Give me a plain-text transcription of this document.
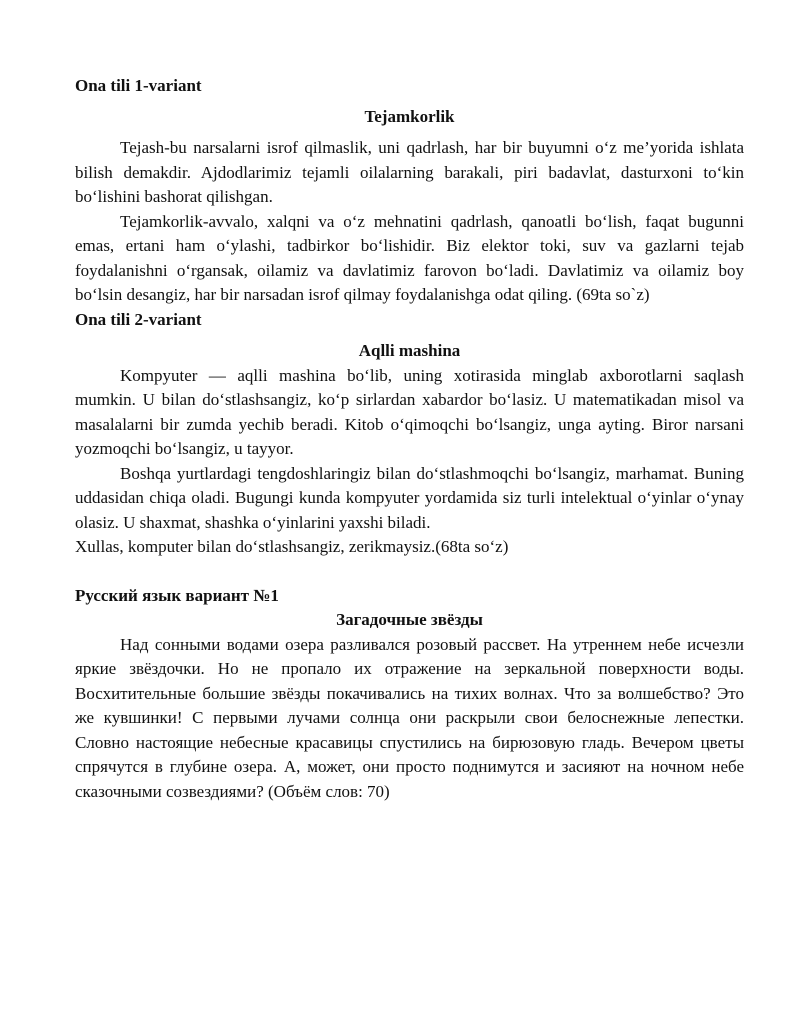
Ona tili 1-variant

Tejamkorlik

Tejash-bu narsalarni isrof qilmaslik, uni qadrlash, har bir buyumni o‘z me’yorida ishlata bilish demakdir. Ajdodlarimiz tejamli oilalarning barakali, piri badavlat, dasturxoni to‘kin bo‘lishini bashorat qilishgan.

Tejamkorlik-avvalo, xalqni va o‘z mehnatini qadrlash, qanoatli bo‘lish, faqat bugunni emas, ertani ham o‘ylashi, tadbirkor bo‘lishidir. Biz elektor toki, suv va gazlarni tejab foydalanishni o‘rgansak, oilamiz va davlatimiz farovon bo‘ladi. Davlatimiz va oilamiz boy bo‘lsin desangiz, har bir narsadan isrof qilmay foydalanishga odat qiling. (69ta so`z)

Ona tili 2-variant

Aqlli mashina

Kompyuter — aqlli mashina bo‘lib, uning xotirasida minglab axborotlarni saqlash mumkin. U bilan do‘stlashsangiz, ko‘p sirlardan xabardor bo‘lasiz. U matematikadan misol va masalalarni bir zumda yechib beradi. Kitob o‘qimoqchi bo‘lsangiz, unga ayting. Biror narsani yozmoqchi bo‘lsangiz, u tayyor.

Boshqa yurtlardagi tengdoshlaringiz bilan do‘stlashmoqchi bo‘lsangiz, marhamat. Buning uddasidan chiqa oladi. Bugungi kunda kompyuter yordamida siz turli intelektual o‘yinlar o‘ynay olasiz. U shaxmat, shashka o‘yinlarini yaxshi biladi.

Xullas, komputer bilan do‘stlashsangiz, zerikmaysiz.(68ta so‘z)

Русский язык вариант №1

Загадочные звёзды

Над сонными водами озера разливался розовый рассвет. На утреннем небе исчезли яркие звёздочки. Но не пропало их отражение на зеркальной поверхности воды. Восхитительные большие звёзды покачивались на тихих волнах. Что за волшебство? Это же кувшинки! С первыми лучами солнца они раскрыли свои белоснежные лепестки. Словно настоящие небесные красавицы спустились на бирюзовую гладь. Вечером цветы спрячутся в глубине озера. А, может, они просто поднимутся и засияют на ночном небе сказочными созвездиями? (Объём слов: 70)
